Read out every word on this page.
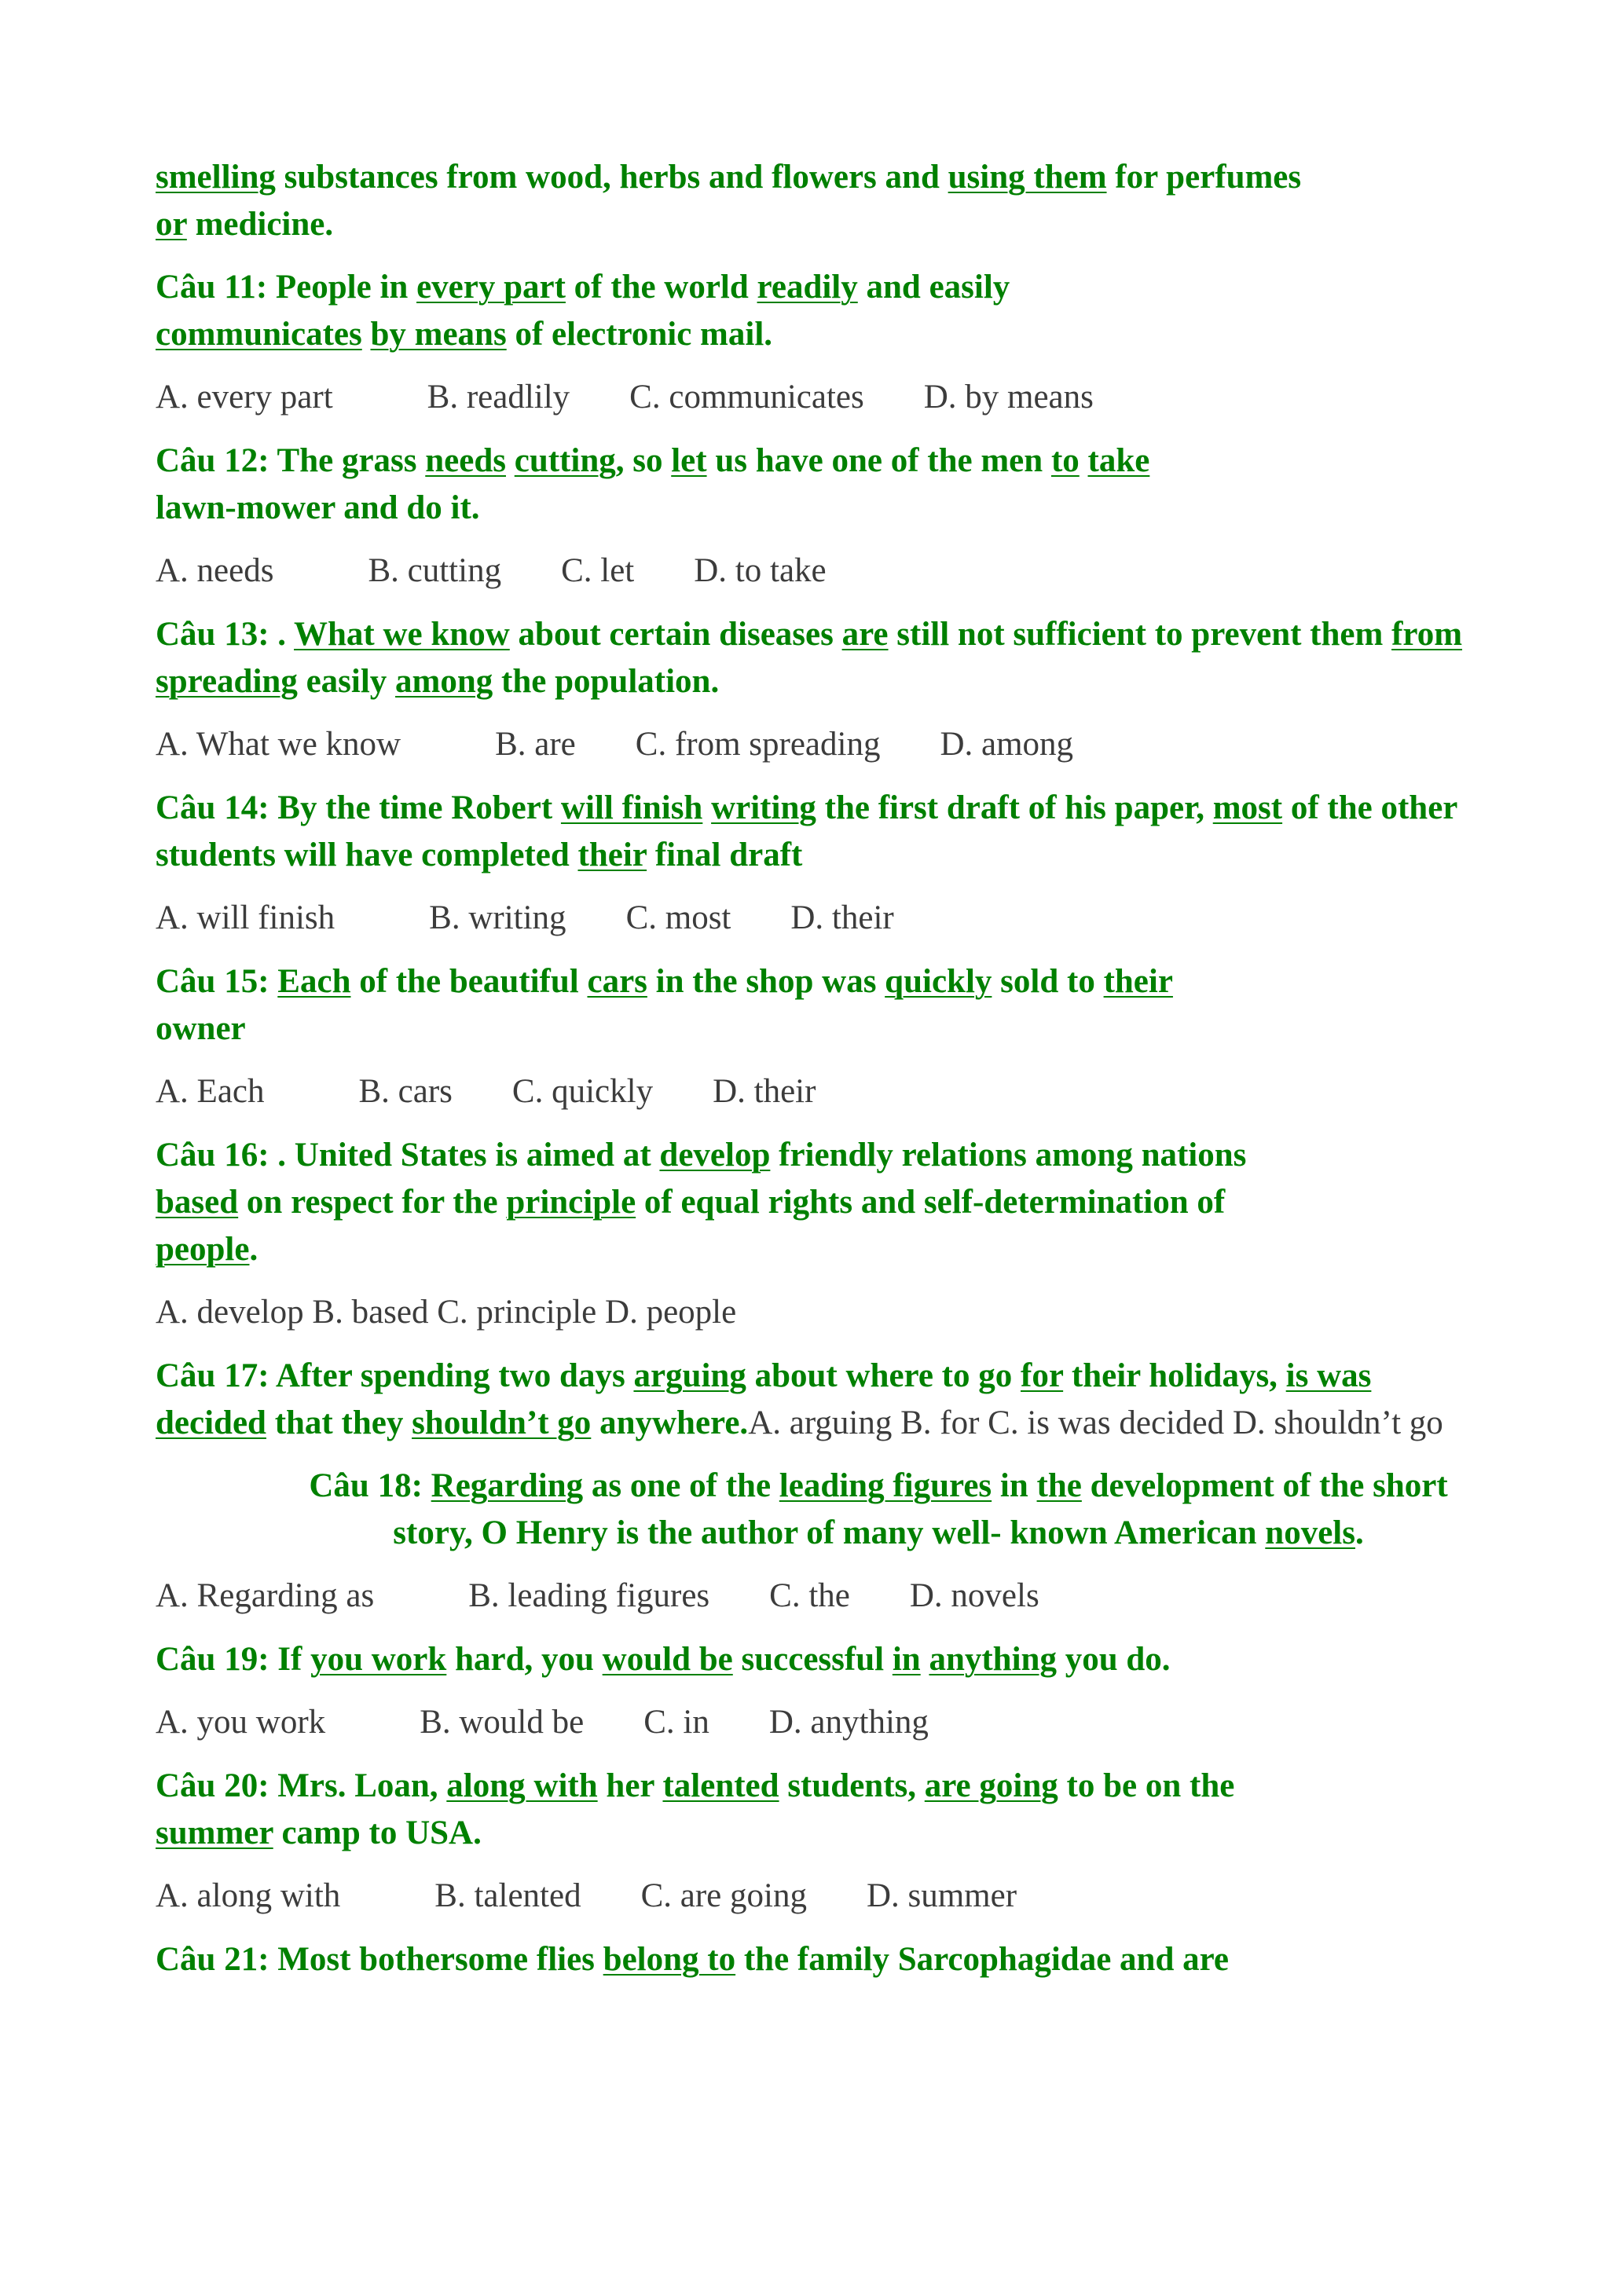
smelling substances from wood, herbs and flowers and using them for perfumes
or medicine.

Câu 11: People in every part of the world readily and easily
communicates by means of electronic mail.

A. every part	B. readlily C. communicates D. by means

Câu 12: The grass needs cutting, so let us have one of the men to take
lawn-mower and do it.

A. needs	B. cutting C. let D. to take

Câu 13: . What we know about certain diseases are still not sufficient to prevent them from spreading easily among the population.

A. What we know	B. are C. from spreading D. among

Câu 14: By the time Robert will finish writing the first draft of his paper, most of the other students will have completed their final draft

A. will finish	B. writing C. most D. their

Câu 15: Each of the beautiful cars in the shop was quickly sold to their
owner

A. Each	B. cars C. quickly D. their

Câu 16: . United States is aimed at develop friendly relations among nations
based on respect for the principle of equal rights and self-determination of
people.

A. develop B. based C. principle D. people

Câu 17: After spending two days arguing about where to go for their holidays, is was decided that they shouldn’t go anywhere.A. arguing B. for C. is was decided D. shouldn’t go

Câu 18: Regarding as one of the leading figures in the development of the short story, O Henry is the author of many well- known American novels.

A. Regarding as	B. leading figures C. the D. novels

Câu 19: If you work hard, you would be successful in anything you do.

A. you work	B. would be C. in D. anything

Câu 20: Mrs. Loan, along with her talented students, are going to be on the
summer camp to USA.

A. along with	B. talented C. are going D. summer

Câu 21: Most bothersome flies belong to the family Sarcophagidae and are
